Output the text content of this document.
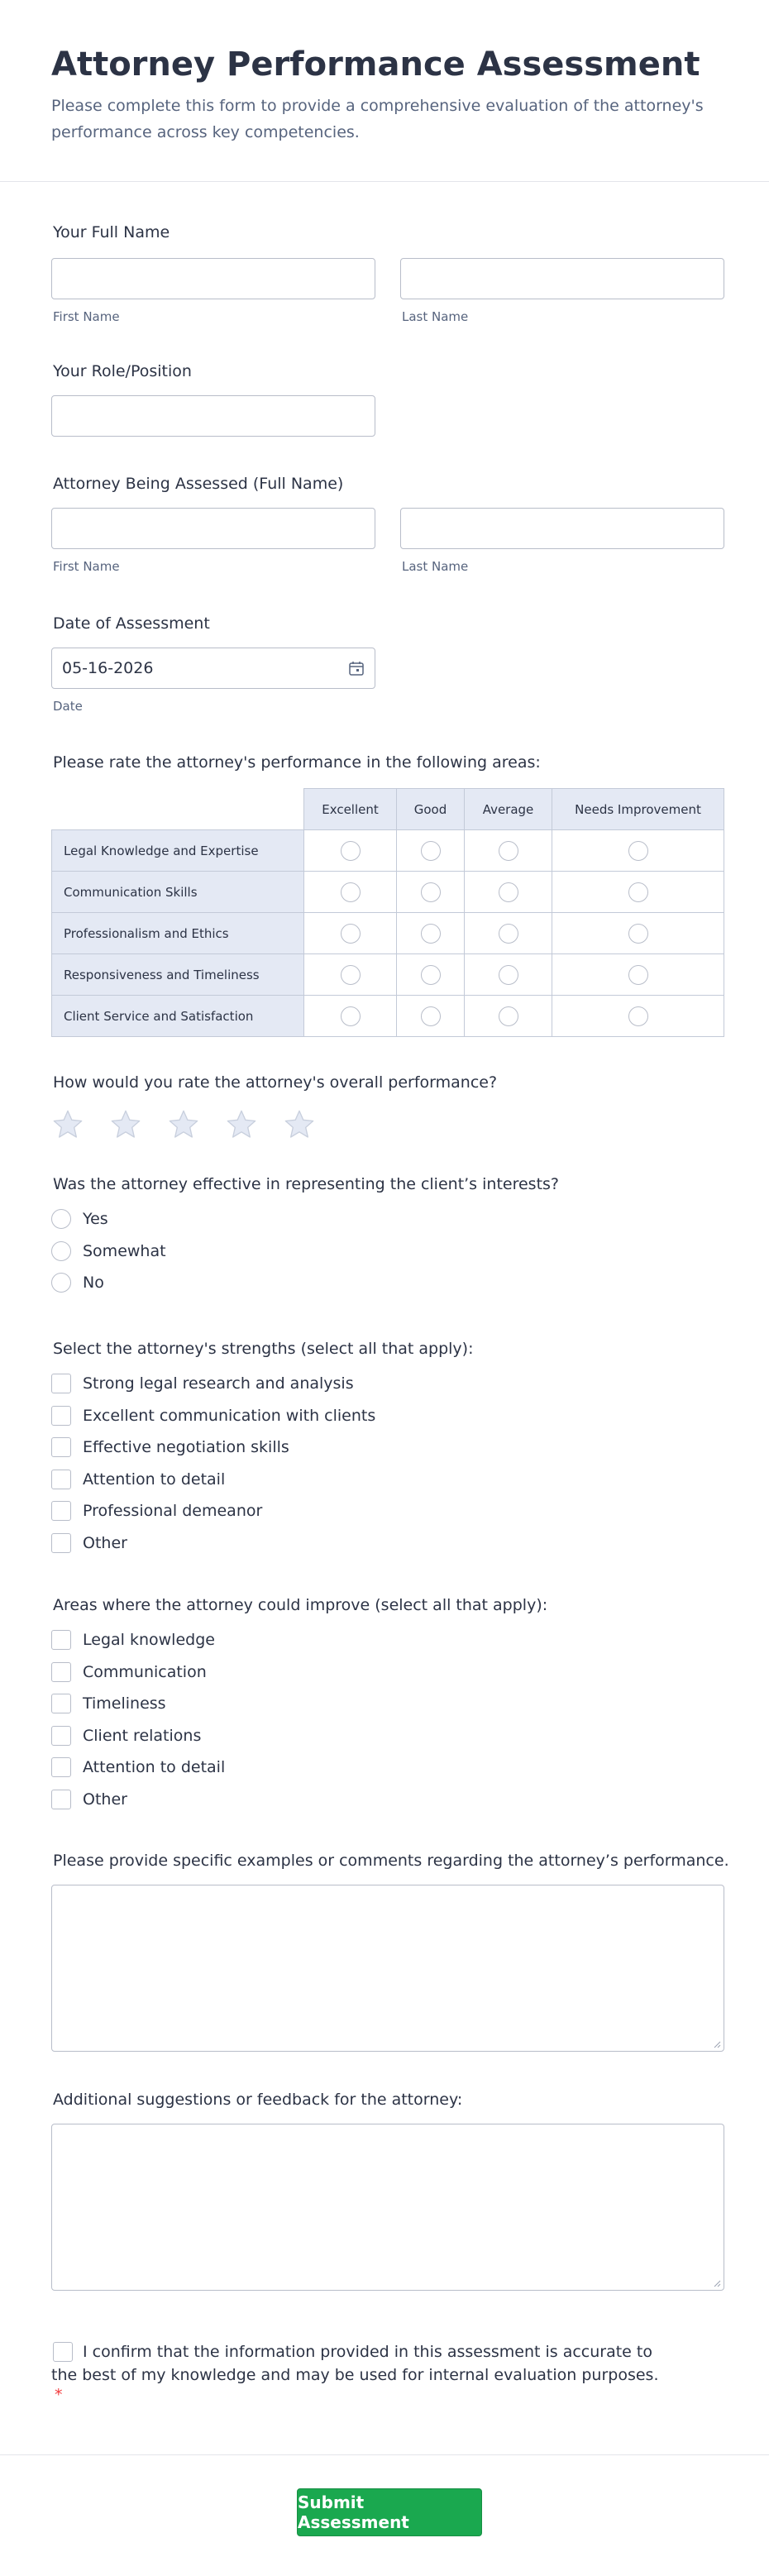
Attorney Performance Assessment

Please complete this form to provide a comprehensive evaluation of the attorney's performance across key competencies.

Your Full Name
First Name	Last Name
Your Role/Position
Attorney Being Assessed (Full Name)
First Name	Last Name
Date of Assessment
05-16-2026
Date
Please rate the attorney's performance in the following areas:
	Excellent	Good	Average	Needs Improvement
Legal Knowledge and Expertise				
Communication Skills				
Professionalism and Ethics				
Responsiveness and Timeliness				
Client Service and Satisfaction				
How would you rate the attorney's overall performance?
Was the attorney effective in representing the client’s interests?
Yes
Somewhat
No
Select the attorney's strengths (select all that apply):
Strong legal research and analysis
Excellent communication with clients
Effective negotiation skills
Attention to detail
Professional demeanor
Other
Areas where the attorney could improve (select all that apply):
Legal knowledge
Communication
Timeliness
Client relations
Attention to detail
Other
Please provide specific examples or comments regarding the attorney’s performance.
Additional suggestions or feedback for the attorney:
I confirm that the information provided in this assessment is accurate to
the best of my knowledge and may be used for internal evaluation purposes.
*
Submit Assessment
